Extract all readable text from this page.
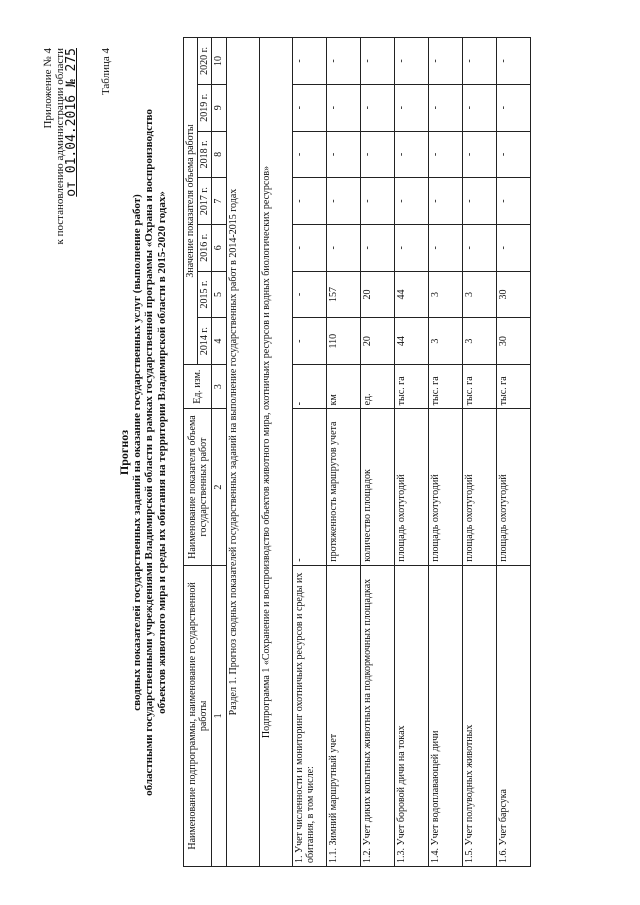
Приложение № 4 к постановлению администрации области
от 01.04.2016 № 275 Таблица 4
Прогноз сводных показателей государственных заданий на оказание государственных услуг (выполнение работ) областными государственными учреждениями Владимирской области в рамках государственной программы «Охрана и воспроизводство объектов животного мира и среды их обитания на территории Владимирской области в 2015-2020 годах»
Наименование подпрограммы, наименование государственной работы	Наименование показателя объема государственных работ	Ед. изм.	Значение показателя объема работы						
			2014 г.	2015 г.	2016 г.	2017 г.	2018 г.	2019 г.	2020 г.
1	2	3	4	5	6	7	8	9	10
Раздел 1. Прогноз сводных показателей государственных заданий на выполнение государственных работ в 2014-2015 годах									
Подпрограмма 1 «Сохранение и воспроизводство объектов животного мира, охотничьих ресурсов и водных биологических ресурсов»									
1. Учет численности и мониторинг охотничьих ресурсов и среды их обитания, в том числе:	-	-	-	-	-	-	-	-	-
1.1. Зимний маршрутный учет	протяженность маршрутов учета	км	110	157	-	-	-	-	-
1.2. Учет диких копытных животных на подкормочных площадках	количество площадок	ед.	20	20	-	-	-	-	-
1.3. Учет боровой дичи на токах	площадь охотугодий	тыс. га	44	44	-	-	-	-	-
1.4. Учет водоплавающей дичи	площадь охотугодий	тыс. га	3	3	-	-	-	-	-
1.5. Учет полуводных животных	площадь охотугодий	тыс. га	3	3	-	-	-	-	-
1.6. Учет барсука	площадь охотугодий	тыс. га	30	30	-	-	-	-	-
